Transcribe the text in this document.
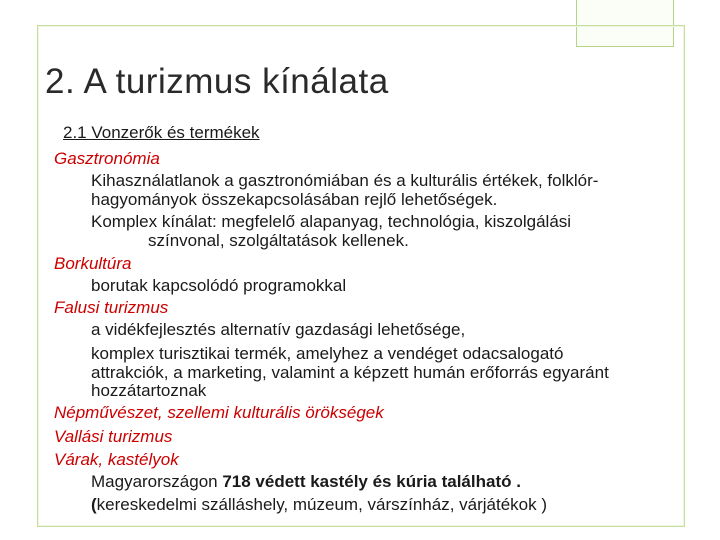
2. A turizmus kínálata
2.1 Vonzerők és termékek
Gasztronómia
Kihasználatlanok a gasztronómiában és a kulturális értékek, folklór-
hagyományok összekapcsolásában rejlő lehetőségek.
Komplex kínálat: megfelelő alapanyag, technológia, kiszolgálási
színvonal, szolgáltatások kellenek.
Borkultúra
borutak kapcsolódó programokkal
Falusi turizmus
a vidékfejlesztés alternatív gazdasági lehetősége,
komplex turisztikai termék, amelyhez a vendéget odacsalogató
attrakciók, a marketing, valamint a képzett humán erőforrás egyaránt
hozzátartoznak
Népművészet, szellemi kulturális örökségek
Vallási turizmus
Várak, kastélyok
Magyarországon 718 védett kastély és kúria található .
(kereskedelmi szálláshely, múzeum, várszínház, várjátékok )
